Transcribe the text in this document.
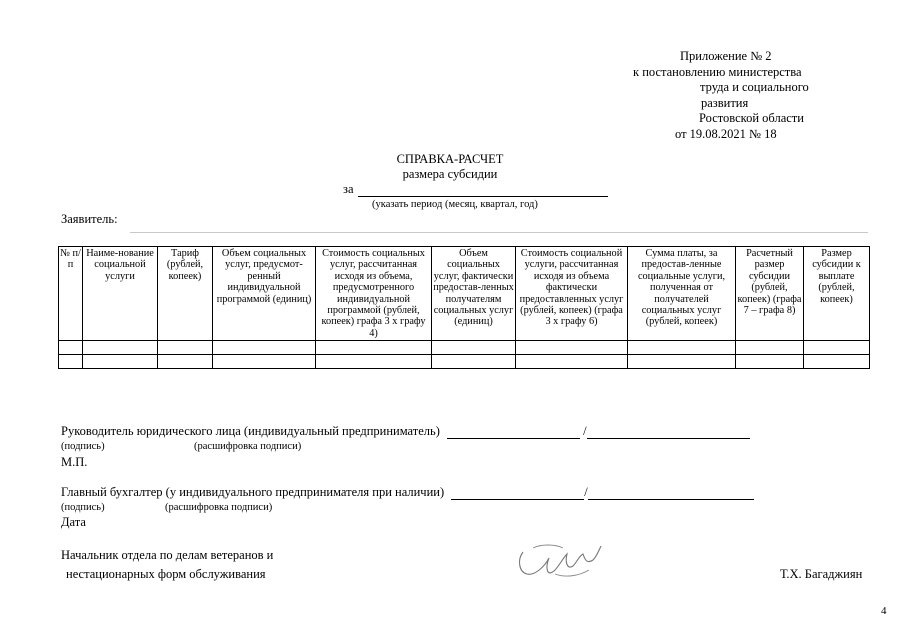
Приложение № 2
к постановлению министерства
труда и социального
развития
Ростовской области
от 19.08.2021 № 18
СПРАВКА-РАСЧЕТ
размера субсидии
за
(указать период (месяц, квартал, год)
Заявитель:
№ п/п	Наиме-нование социальной услуги	Тариф (рублей, копеек)	Объем социальных услуг, предусмот-ренный индивидуальной программой (единиц)	Стоимость социальных услуг, рассчитанная исходя из объема, предусмотренного индивидуальной программой (рублей, копеек) графа 3 х графу 4)	Объем социальных услуг, фактически предостав-ленных получателям социальных услуг (единиц)	Стоимость социальной услуги, рассчитанная исходя из объема фактически предоставленных услуг (рублей, копеек) (графа 3 х графу 6)	Сумма платы, за предостав-ленные социальные услуги, полученная от получателей социальных услуг (рублей, копеек)	Расчетный размер субсидии (рублей, копеек) (графа 7 – графа 8)	Размер субсидии к выплате (рублей, копеек)

Руководитель юридического лица (индивидуальный предприниматель)	/
(подпись)	(расшифровка подписи)
М.П.
Главный бухгалтер (у индивидуального предпринимателя при наличии)	/
(подпись)	(расшифровка подписи)
Дата
Начальник отдела по делам ветеранов и
нестационарных форм обслуживания	Т.Х. Багаджиян
4
